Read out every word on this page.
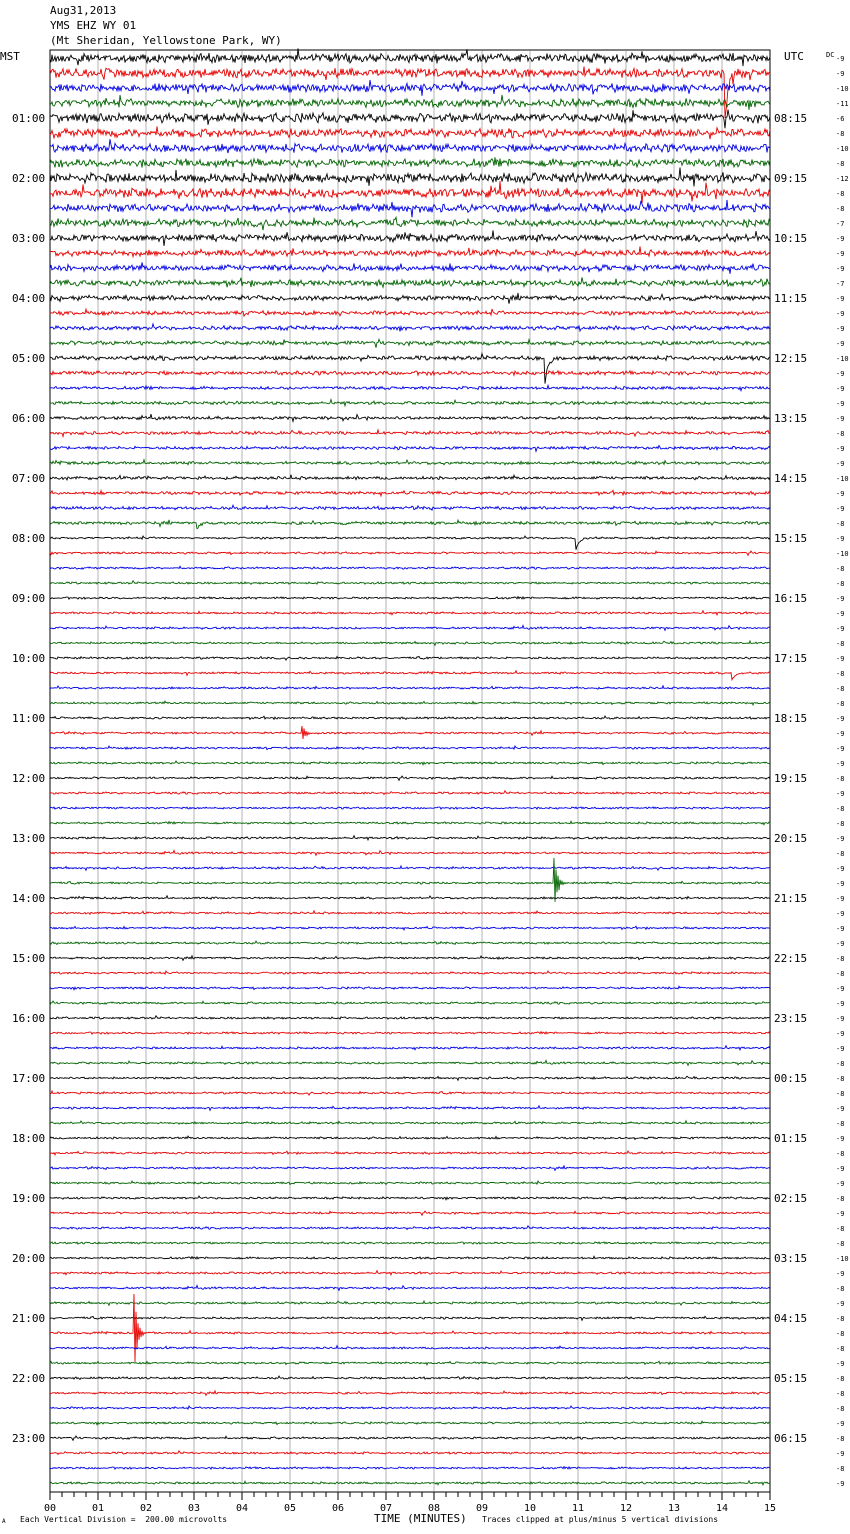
Aug31,2013
YMS EHZ WY 01
(Mt Sheridan, Yellowstone Park, WY)
01:00
02:00
03:00
04:00
05:00
06:00
07:00
08:00
09:00
10:00
11:00
12:00
13:00
14:00
15:00
16:00
17:00
18:00
19:00
20:00
21:00
22:00
23:00
08:15
09:15
10:15
11:15
12:15
13:15
14:15
15:15
16:15
17:15
18:15
19:15
20:15
21:15
22:15
23:15
00:15
01:15
02:15
03:15
04:15
05:15
06:15
-9
-9
-10
-11
-6
-8
-10
-8
-12
-8
-8
-7
-9
-9
-9
-7
-9
-9
-9
-9
-10
-9
-9
-9
-9
-8
-9
-9
-10
-9
-9
-8
-9
-10
-8
-8
-9
-9
-9
-8
-9
-8
-8
-8
-9
-9
-9
-9
-8
-9
-8
-8
-9
-8
-9
-9
-9
-9
-9
-9
-8
-8
-9
-9
-9
-9
-9
-8
-8
-8
-9
-8
-9
-8
-9
-9
-8
-9
-8
-8
-10
-9
-8
-9
-8
-8
-8
-9
-8
-8
-8
-9
-8
-9
-8
-9
00	01	02	03	04	05	06	07	08	09	10	11	12	13	14	15
MST	UTC	DC
A Each Vertical Division =  200.00 microvolts	TIME (MINUTES) Traces clipped at plus/minus 5 vertical divisions
